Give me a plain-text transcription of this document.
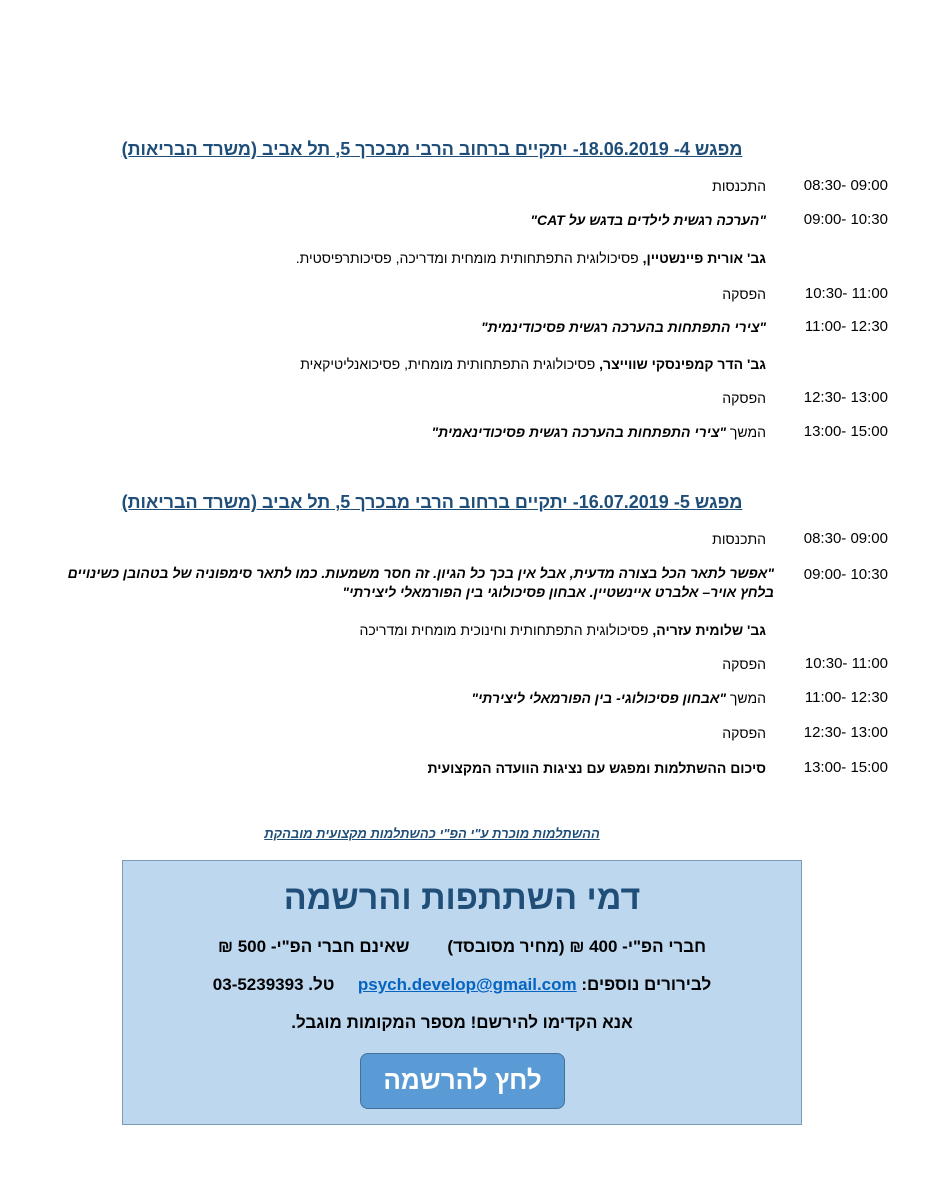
מפגש 4- 18.06.2019- יתקיים ברחוב הרבי מבכרך 5, תל אביב (משרד הבריאות)
08:30- 09:00
התכנסות
09:00- 10:30
"הערכה רגשית לילדים בדגש על CAT"
גב' אורית פיינשטיין, פסיכולוגית התפתחותית מומחית ומדריכה, פסיכותרפיסטית.
10:30- 11:00
הפסקה
11:00- 12:30
"צירי התפתחות בהערכה רגשית פסיכודינמית"
גב' הדר קמפינסקי שווייצר, פסיכולוגית התפתחותית מומחית, פסיכואנליטיקאית
12:30- 13:00
הפסקה
13:00- 15:00
המשך "צירי התפתחות בהערכה רגשית פסיכודינאמית"
מפגש 5- 16.07.2019- יתקיים ברחוב הרבי מבכרך 5, תל אביב (משרד הבריאות)
08:30- 09:00
התכנסות
09:00- 10:30
"אפשר לתאר הכל בצורה מדעית, אבל אין בכך כל הגיון. זה חסר משמעות. כמו לתאר סימפוניה של בטהובן כשינויים בלחץ אויר– אלברט איינשטיין. אבחון פסיכולוגי בין הפורמאלי ליצירתי"
גב' שלומית עזריה, פסיכולוגית התפתחותית וחינוכית מומחית ומדריכה
10:30- 11:00
הפסקה
11:00- 12:30
המשך "אבחון פסיכולוגי- בין הפורמאלי ליצירתי"
12:30- 13:00
הפסקה
13:00- 15:00
סיכום ההשתלמות ומפגש עם נציגות הוועדה המקצועית
ההשתלמות מוכרת ע"י הפ"י כהשתלמות מקצועית מובהקת
דמי השתתפות והרשמה
חברי הפ"י- 400 ₪ (מחיר מסובסד)שאינם חברי הפ"י- 500 ₪
לבירורים נוספים: psych.develop@gmail.com  טל. 03-5239393
אנא הקדימו להירשם! מספר המקומות מוגבל.
לחץ להרשמה
